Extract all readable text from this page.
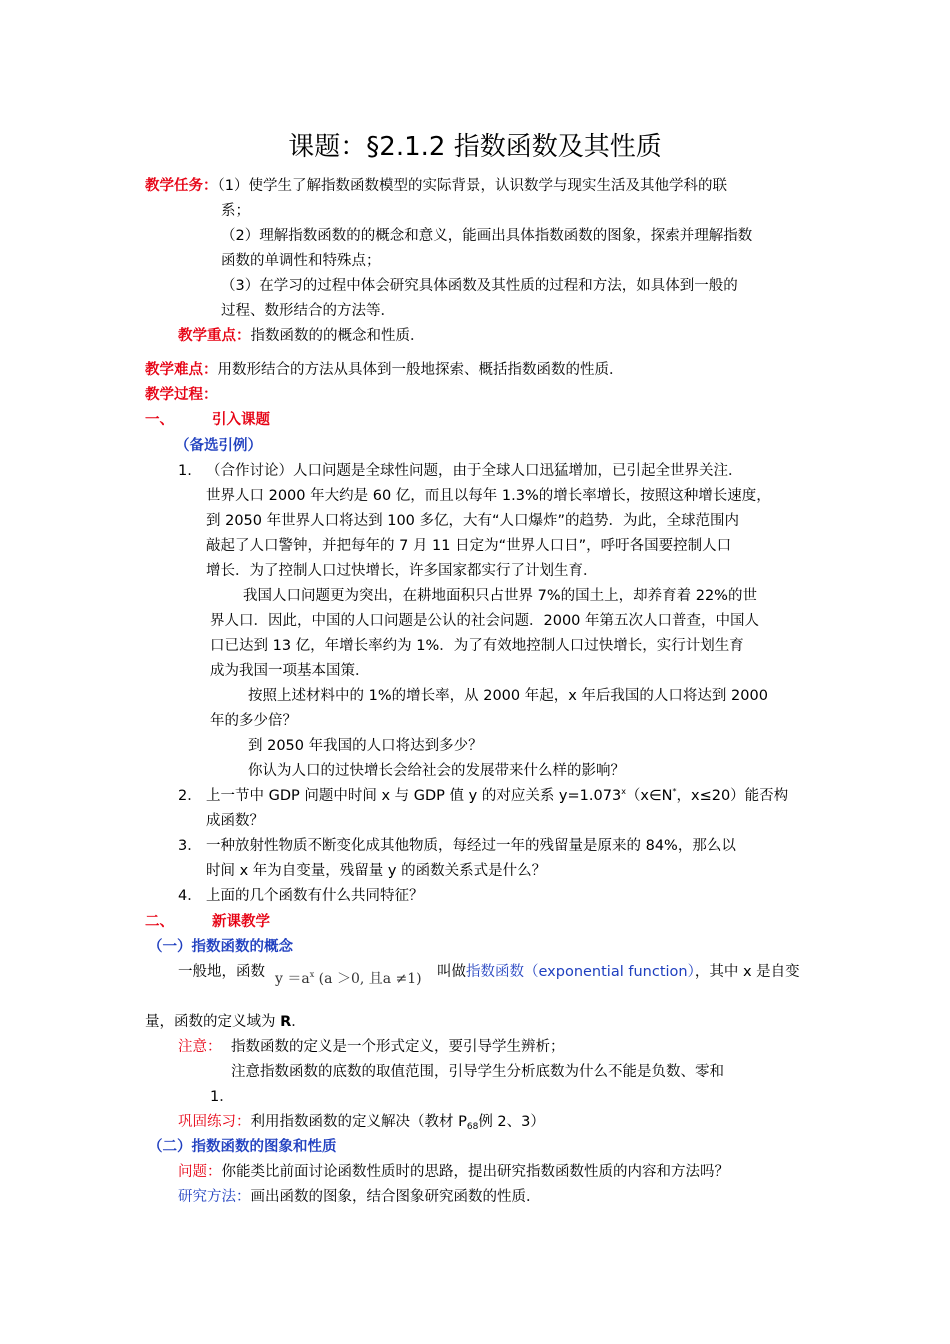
课题：§2.1.2 指数函数及其性质
教学任务：（1）使学生了解指数函数模型的实际背景，认识数学与现实生活及其他学科的联
系；
（2）理解指数函数的的概念和意义，能画出具体指数函数的图象，探索并理解指数
函数的单调性和特殊点；
（3）在学习的过程中体会研究具体函数及其性质的过程和方法，如具体到一般的
过程、数形结合的方法等．
教学重点：指数函数的的概念和性质．
教学难点：用数形结合的方法从具体到一般地探索、概括指数函数的性质．
教学过程：
一、	引入课题
（备选引例）
1. （合作讨论）人口问题是全球性问题，由于全球人口迅猛增加，已引起全世界关注．
世界人口 2000 年大约是 60 亿，而且以每年 1.3%的增长率增长，按照这种增长速度，
到 2050 年世界人口将达到 100 多亿，大有“人口爆炸”的趋势．为此，全球范围内
敲起了人口警钟，并把每年的 7 月 11 日定为“世界人口日”，呼吁各国要控制人口
增长．为了控制人口过快增长，许多国家都实行了计划生育．
我国人口问题更为突出，在耕地面积只占世界 7%的国土上，却养育着 22%的世
界人口．因此，中国的人口问题是公认的社会问题．2000 年第五次人口普查，中国人
口已达到 13 亿，年增长率约为 1%．为了有效地控制人口过快增长，实行计划生育
成为我国一项基本国策．
按照上述材料中的 1%的增长率，从 2000 年起，x 年后我国的人口将达到 2000
年的多少倍？
到 2050 年我国的人口将达到多少？
你认为人口的过快增长会给社会的发展带来什么样的影响？
2． 上一节中 GDP 问题中时间 x 与 GDP 值 y 的对应关系 $y=1.073^x(x\in N^*$，x≤20）能否构
成函数？
3． 一种放射性物质不断变化成其他物质，每经过一年的残留量是原来的 84%，那么以
时间 x 年为自变量，残留量 y 的函数关系式是什么？
4． 上面的几个函数有什么共同特征？
二、	新课教学
（一）指数函数的概念
一般地，函数 $y =a^x$ (a ＞0, 且a ≠1) 叫做指数函数（exponential function），其中 x 是自变
量，函数的定义域为 R．
注意： 指数函数的定义是一个形式定义，要引导学生辨析；
注意指数函数的底数的取值范围，引导学生分析底数为什么不能是负数、零和
1．
巩固练习：利用指数函数的定义解决（教材 $P_{68}$例 2、3）
（二）指数函数的图象和性质
问题：你能类比前面讨论函数性质时的思路，提出研究指数函数性质的内容和方法吗？
研究方法：画出函数的图象，结合图象研究函数的性质．
